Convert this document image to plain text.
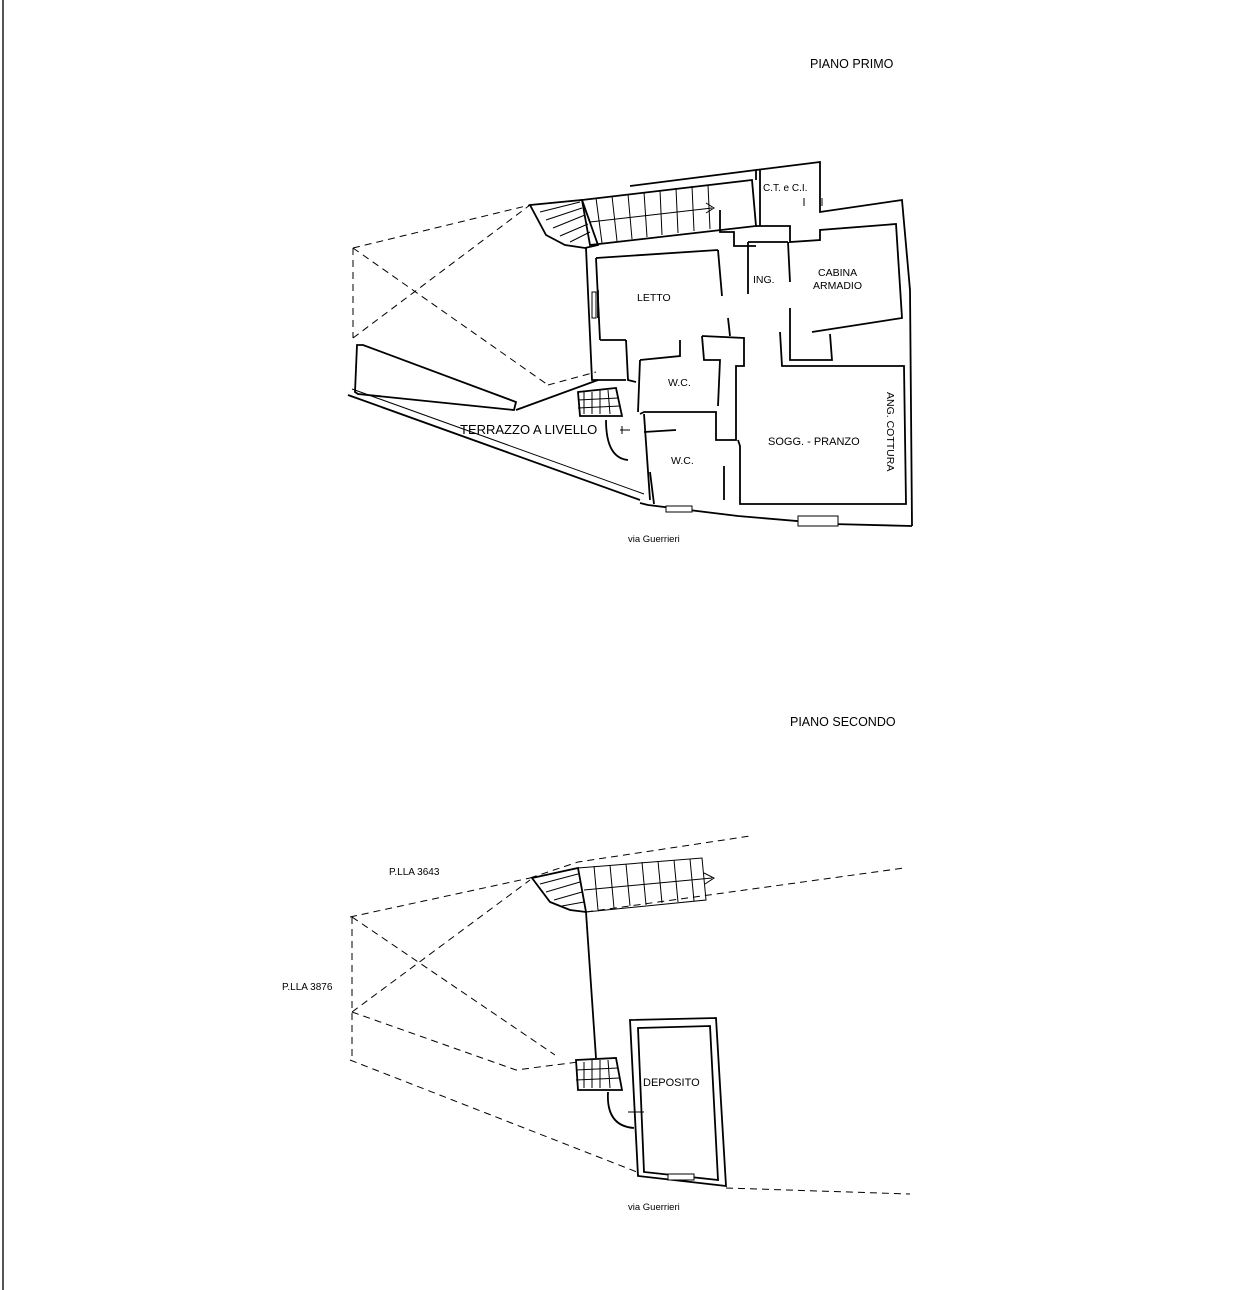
PIANO PRIMO
C.T. e C.I.
LETTO
ING.
CABINA
ARMADIO
W.C.
TERRAZZO A LIVELLO
W.C.
SOGG. - PRANZO ANG. COTTURA
via Guerrieri
PIANO SECONDO
P.LLA 3643
P.LLA 3876
DEPOSITO
via Guerrieri
